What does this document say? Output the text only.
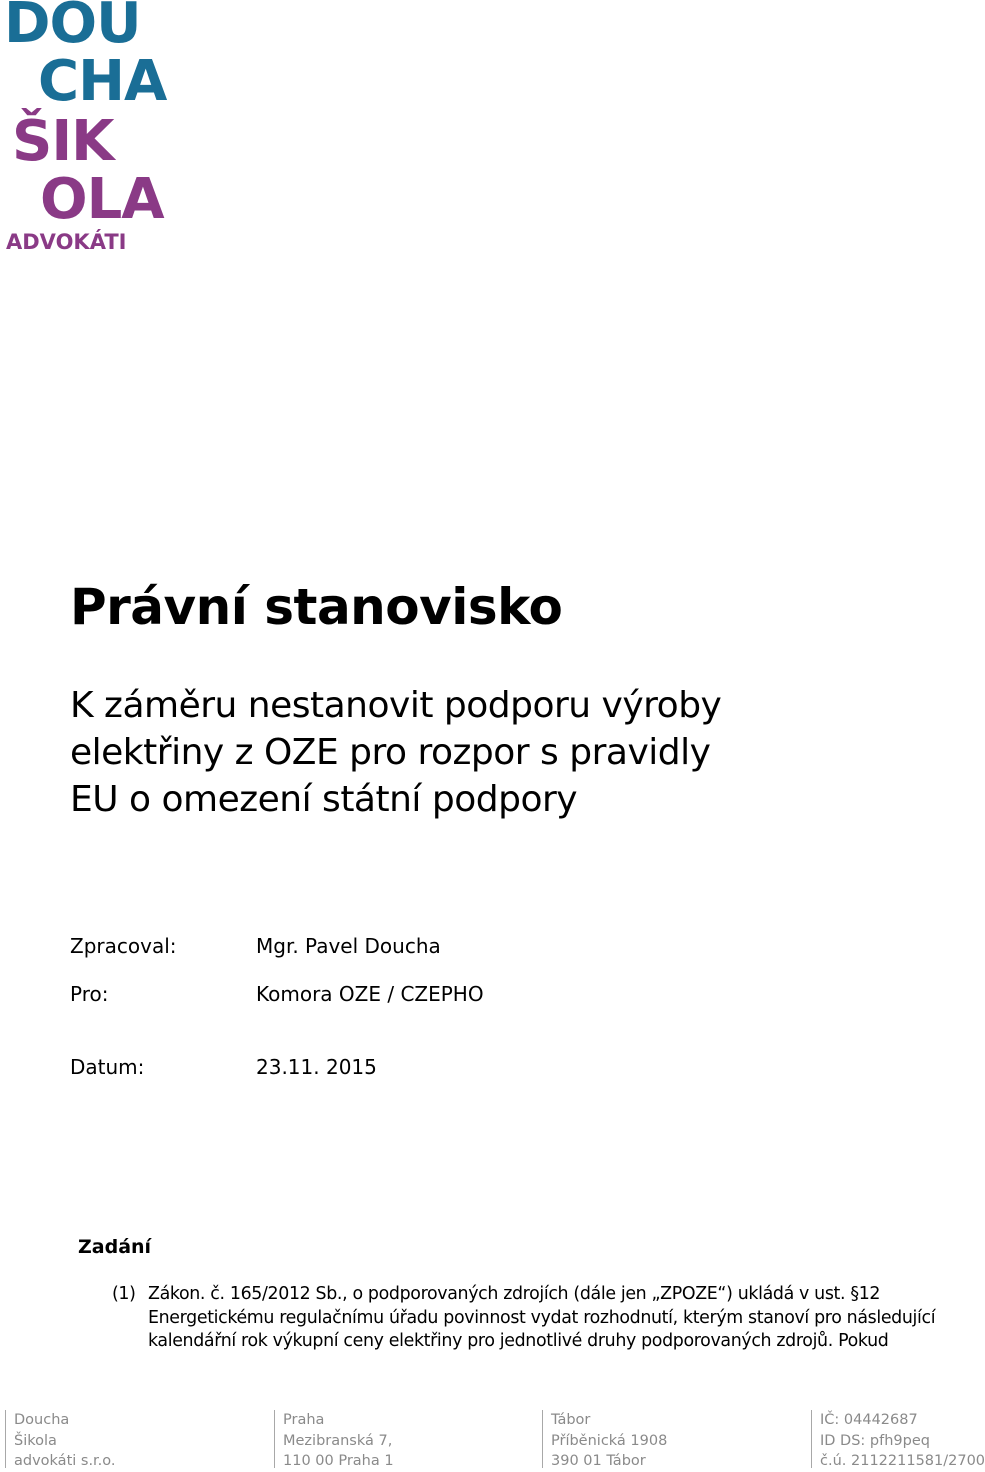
DOU
CHA
ŠIK
OLA
ADVOKÁTI
Právní stanovisko
K záměru nestanovit podporu výroby
elektřiny z OZE pro rozpor s pravidly
EU o omezení státní podpory
Zpracoval:	Mgr. Pavel Doucha
Pro:	Komora OZE / CZEPHO
Datum:	23.11. 2015
Zadání
(1) Zákon. č. 165/2012 Sb., o podporovaných zdrojích (dále jen „ZPOZE“) ukládá v ust. §12
Energetickému regulačnímu úřadu povinnost vydat rozhodnutí, kterým stanoví pro následující
kalendářní rok výkupní ceny elektřiny pro jednotlivé druhy podporovaných zdrojů. Pokud
Doucha
Šikola
advokáti s.r.o.
Praha
Mezibranská 7,
110 00 Praha 1
Tábor
Příběnická 1908
390 01 Tábor
IČ: 04442687
ID DS: pfh9peq
č.ú. 2112211581/2700
